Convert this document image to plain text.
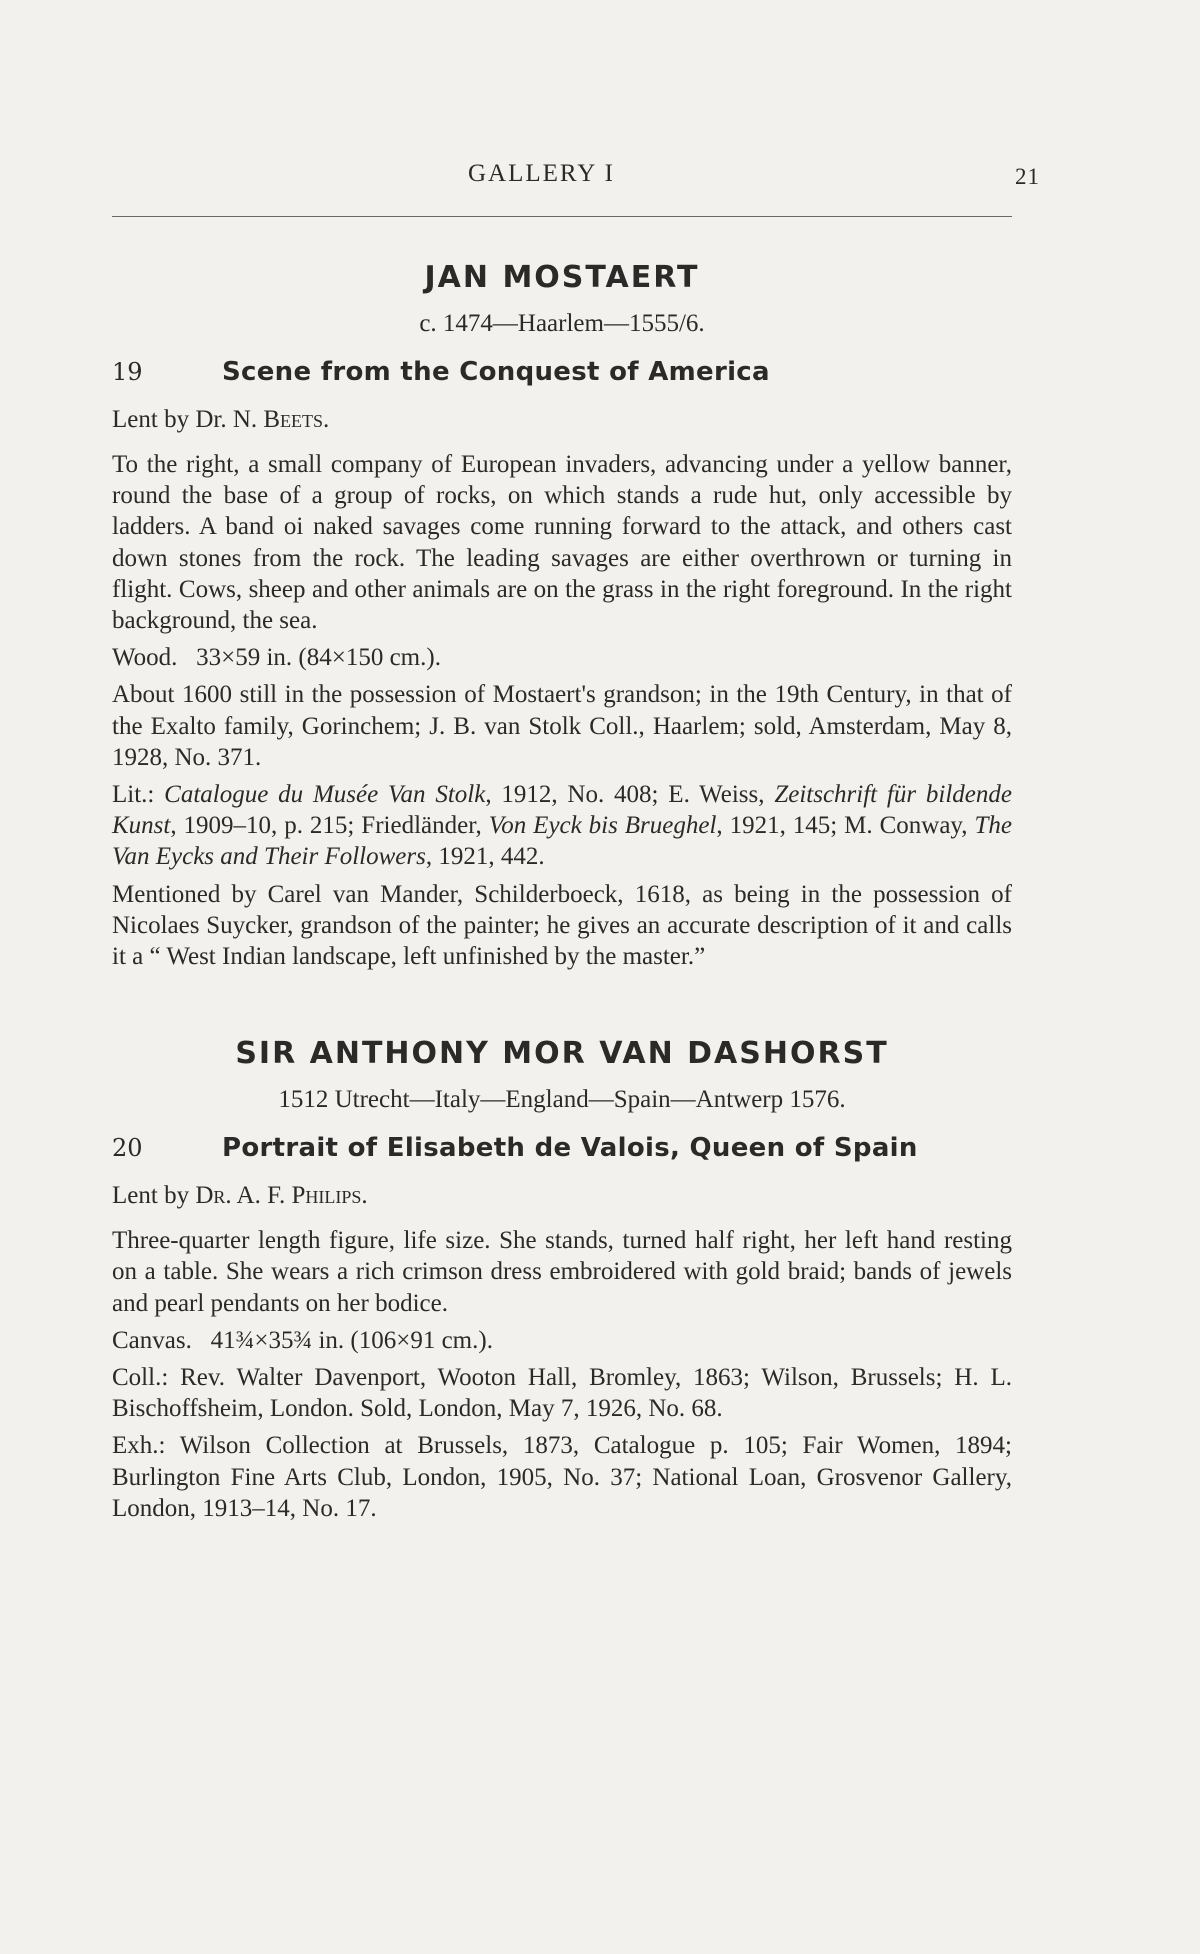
GALLERY I	21
JAN MOSTAERT
c. 1474—Haarlem—1555/6.
19	Scene from the Conquest of America
Lent by Dr. N. Beets.

To the right, a small company of European invaders, advancing under a yellow banner, round the base of a group of rocks, on which stands a rude hut, only accessible by ladders. A band oi naked savages come running forward to the attack, and others cast down stones from the rock. The leading savages are either overthrown or turning in flight. Cows, sheep and other animals are on the grass in the right foreground. In the right background, the sea.

Wood. 33×59 in. (84×150 cm.).

About 1600 still in the possession of Mostaert's grandson; in the 19th Century, in that of the Exalto family, Gorinchem; J. B. van Stolk Coll., Haarlem; sold, Amsterdam, May 8, 1928, No. 371.

Lit.: Catalogue du Musée Van Stolk, 1912, No. 408; E. Weiss, Zeitschrift für bildende Kunst, 1909–10, p. 215; Friedländer, Von Eyck bis Brueghel, 1921, 145; M. Conway, The Van Eycks and Their Followers, 1921, 442.

Mentioned by Carel van Mander, Schilderboeck, 1618, as being in the possession of Nicolaes Suycker, grandson of the painter; he gives an accurate description of it and calls it a “ West Indian landscape, left unfinished by the master.”

SIR ANTHONY MOR VAN DASHORST
1512 Utrecht—Italy—England—Spain—Antwerp 1576.
20	Portrait of Elisabeth de Valois, Queen of Spain
Lent by Dr. A. F. Philips.

Three-quarter length figure, life size. She stands, turned half right, her left hand resting on a table. She wears a rich crimson dress embroidered with gold braid; bands of jewels and pearl pendants on her bodice.

Canvas. 41¾×35¾ in. (106×91 cm.).

Coll.: Rev. Walter Davenport, Wooton Hall, Bromley, 1863; Wilson, Brussels; H. L. Bischoffsheim, London. Sold, London, May 7, 1926, No. 68.

Exh.: Wilson Collection at Brussels, 1873, Catalogue p. 105; Fair Women, 1894; Burlington Fine Arts Club, London, 1905, No. 37; National Loan, Grosvenor Gallery, London, 1913–14, No. 17.
